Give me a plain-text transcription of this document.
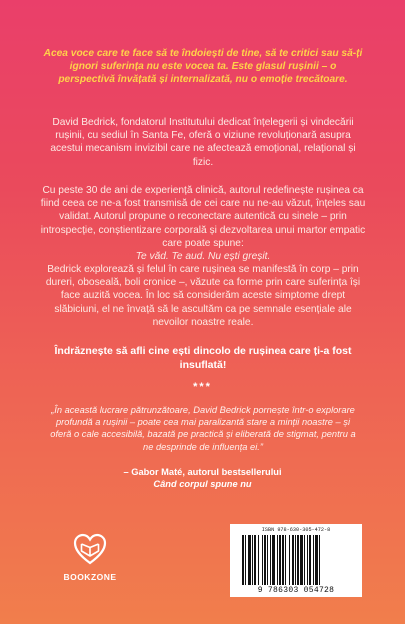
Acea voce care te face să te îndoiești de tine, să te critici sau să-ți ignori suferința nu este vocea ta. Este glasul rușinii – o perspectivă învățată și internalizată, nu o emoție trecătoare.

David Bedrick, fondatorul Institutului dedicat înțelegerii și vindecării rușinii, cu sediul în Santa Fe, oferă o viziune revoluționară asupra acestui mecanism invizibil care ne afectează emoțional, relațional și fizic.

Cu peste 30 de ani de experiență clinică, autorul redefinește rușinea ca fiind ceea ce ne-a fost transmisă de cei care nu ne-au văzut, înțeles sau validat. Autorul propune o reconectare autentică cu sinele – prin introspecție, conștientizare corporală și dezvoltarea unui martor empatic care poate spune:
Te văd. Te aud. Nu ești greșit.

Bedrick explorează și felul în care rușinea se manifestă în corp – prin dureri, oboseală, boli cronice –, văzute ca forme prin care suferința își face auzită vocea. În loc să considerăm aceste simptome drept slăbiciuni, el ne învață să le ascultăm ca pe semnale esențiale ale nevoilor noastre reale.

Îndrăznește să afli cine ești dincolo de rușinea care ți-a fost insuflată!

***

„În această lucrare pătrunzătoare, David Bedrick pornește într-o explorare profundă a rușinii – poate cea mai paralizantă stare a minții noastre – și oferă o cale accesibilă, bazată pe practică și eliberată de stigmat, pentru a ne desprinde de influența ei.”

– Gabor Maté, autorul bestsellerului
Când corpul spune nu
BOOKZONE
ISBN 978-630-305-472-8
9 786303 054728
